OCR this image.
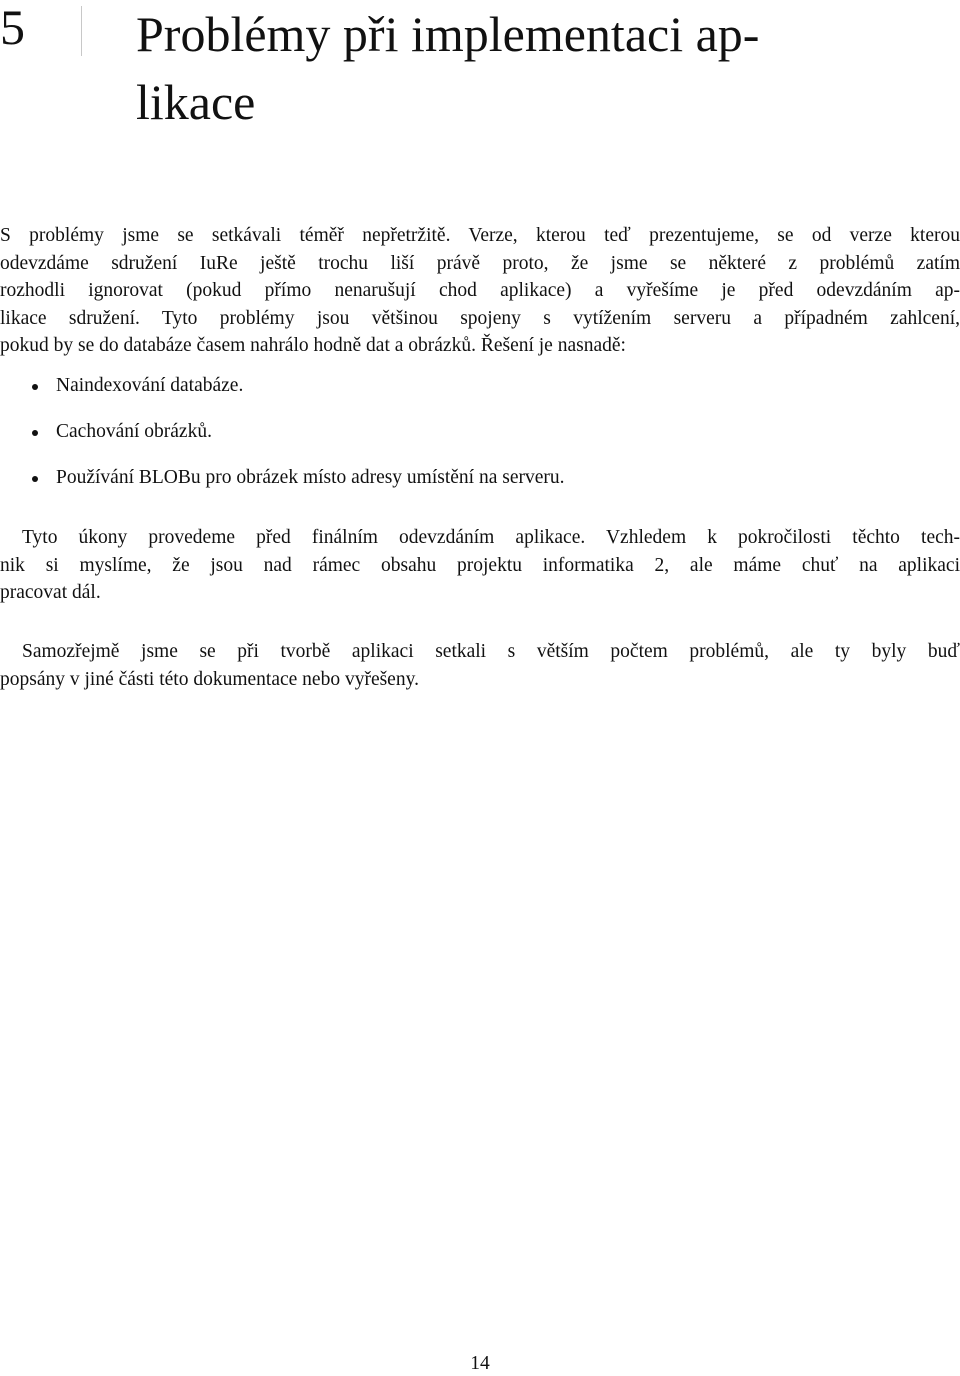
5 Problémy při implementaci ap-
likace
S problémy jsme se setkávali téměř nepřetržitě. Verze, kterou teď prezentujeme, se od verze kterou
odevzdáme sdružení IuRe ještě trochu liší právě proto, že jsme se některé z problémů zatím
rozhodli ignorovat (pokud přímo nenarušují chod aplikace) a vyřešíme je před odevzdáním ap-
likace sdružení. Tyto problémy jsou většinou spojeny s vytížením serveru a případném zahlcení,
pokud by se do databáze časem nahrálo hodně dat a obrázků. Řešení je nasnadě:
Naindexování databáze.
Cachování obrázků.
Používání BLOBu pro obrázek místo adresy umístění na serveru.
Tyto úkony provedeme před finálním odevzdáním aplikace. Vzhledem k pokročilosti těchto tech-
nik si myslíme, že jsou nad rámec obsahu projektu informatika 2, ale máme chuť na aplikaci
pracovat dál.
Samozřejmě jsme se při tvorbě aplikaci setkali s větším počtem problémů, ale ty byly buď
popsány v jiné části této dokumentace nebo vyřešeny.
14
